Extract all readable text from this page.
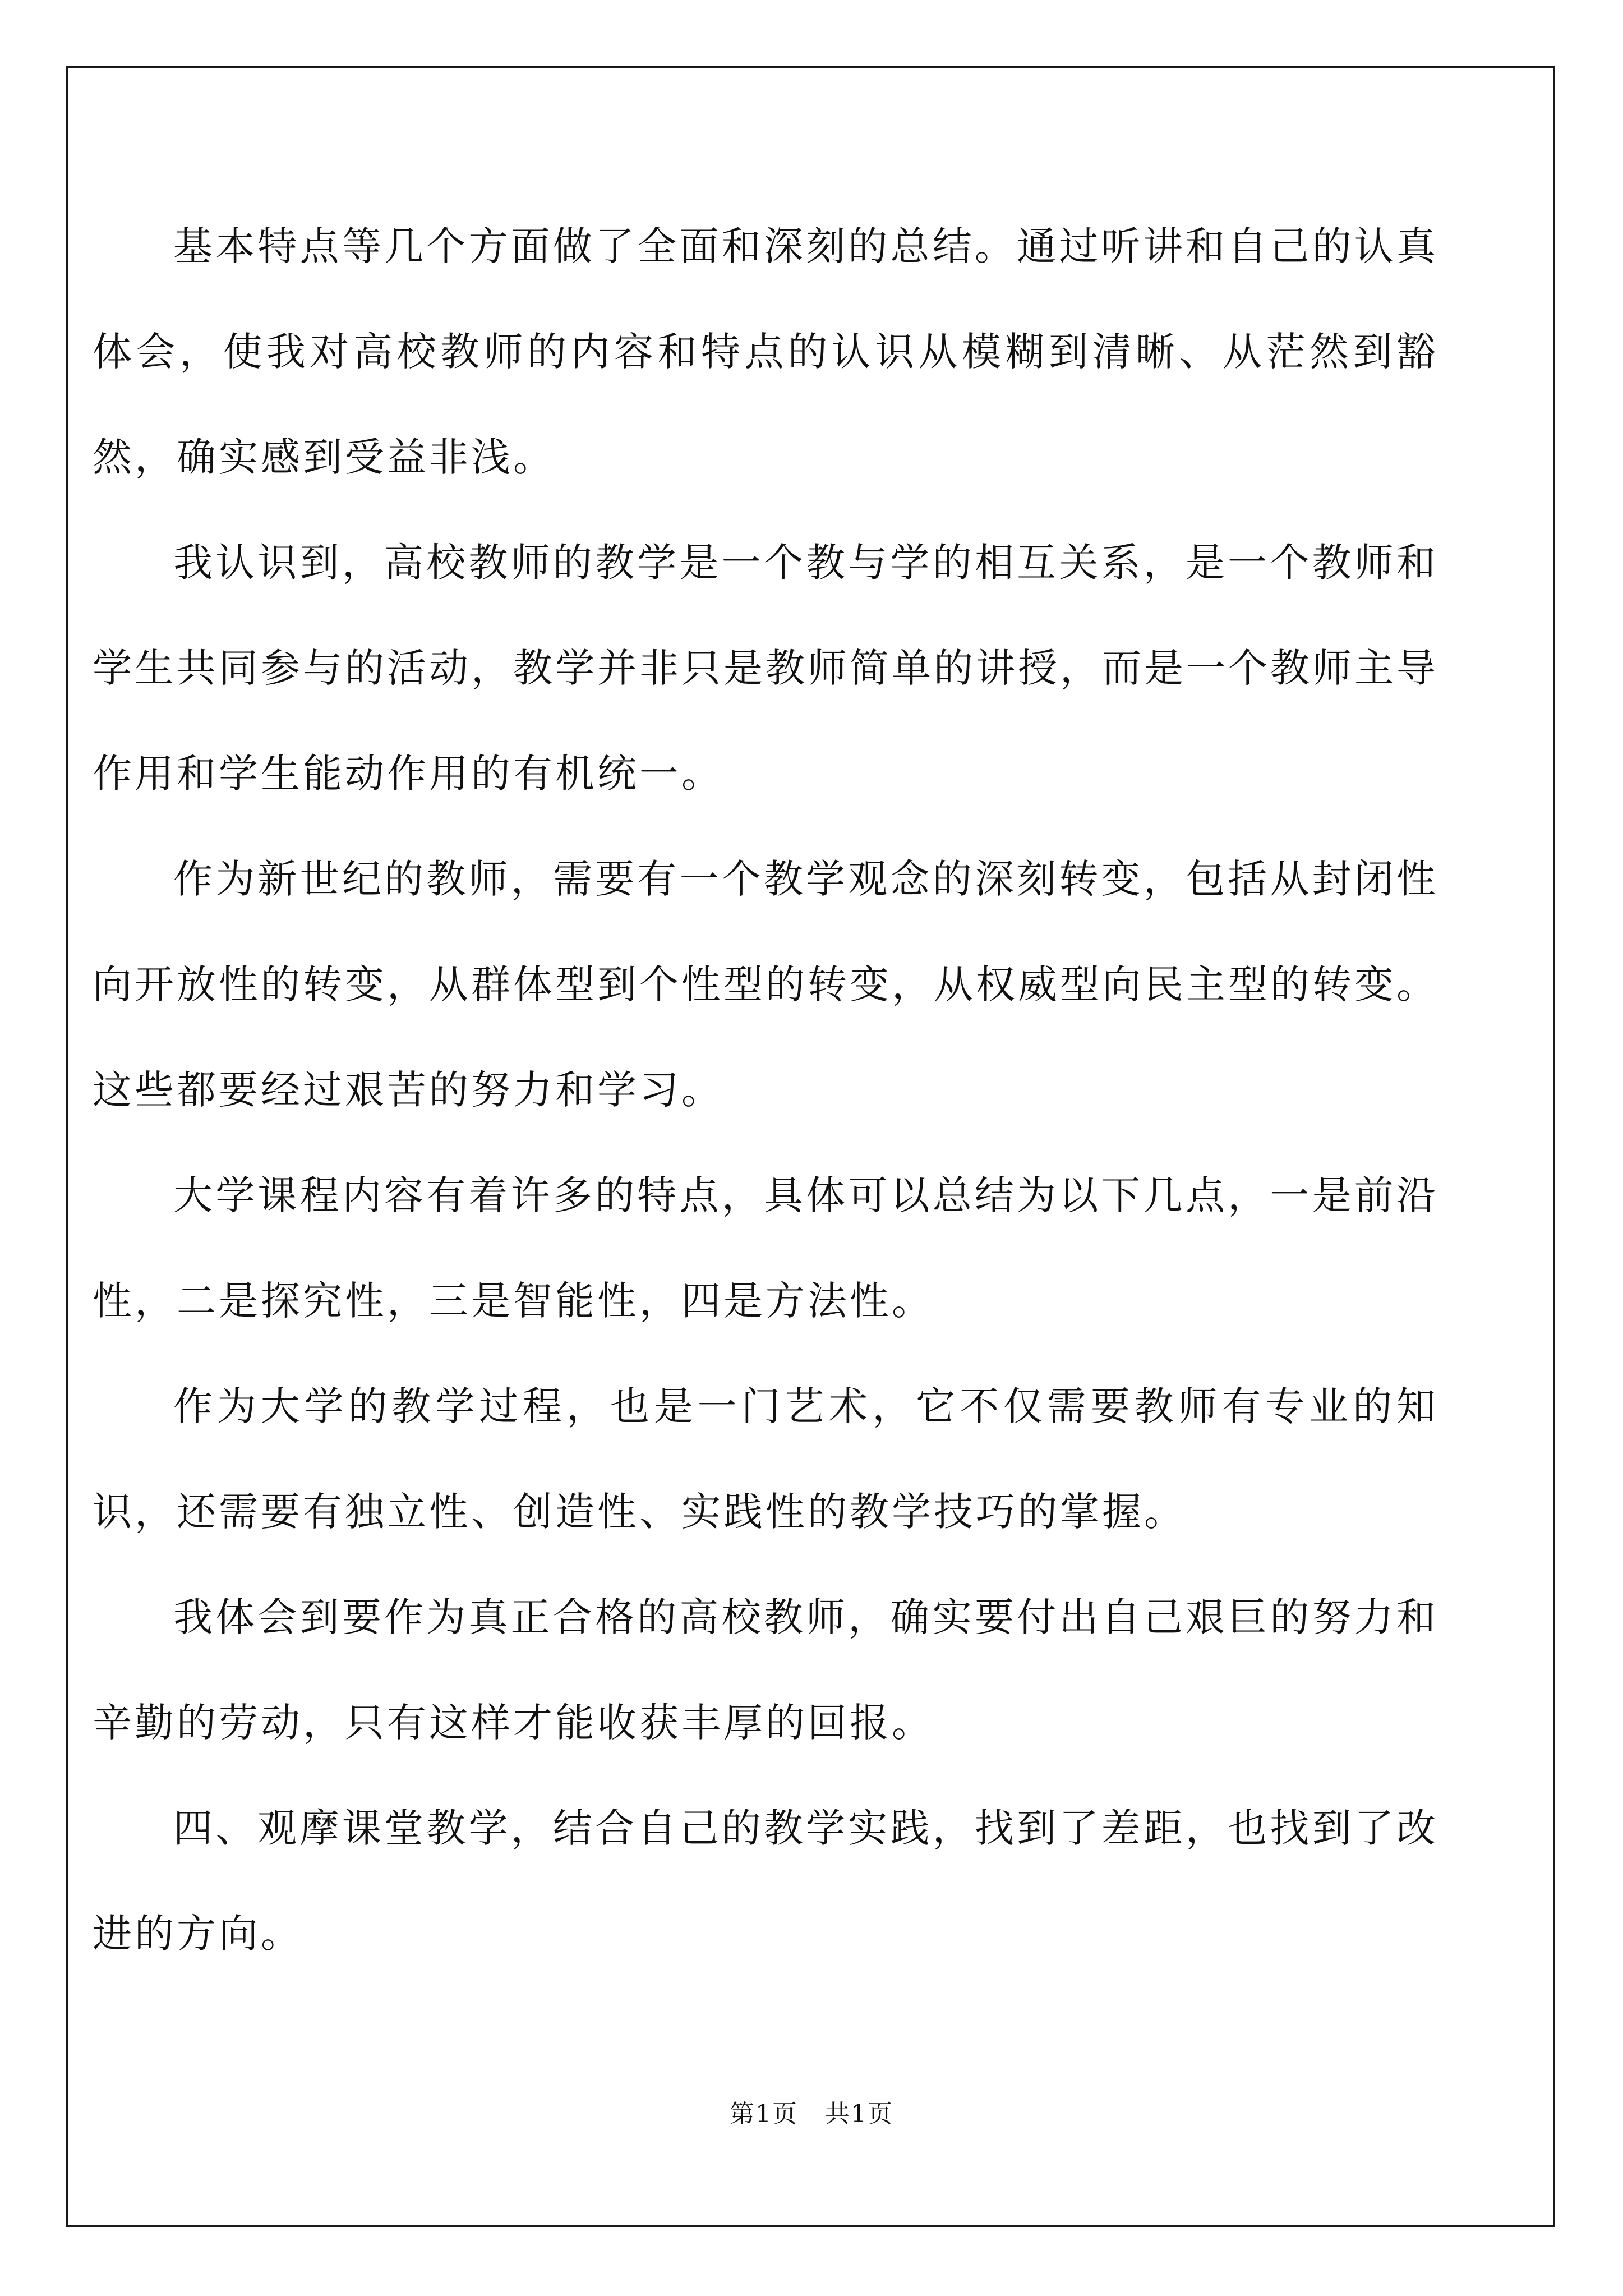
基本特点等几个方面做了全面和深刻的总结。通过听讲和自己的认真体会，使我对高校教师的内容和特点的认识从模糊到清晰、从茫然到豁然，确实感到受益非浅。

我认识到，高校教师的教学是一个教与学的相互关系，是一个教师和学生共同参与的活动，教学并非只是教师简单的讲授，而是一个教师主导作用和学生能动作用的有机统一。

作为新世纪的教师，需要有一个教学观念的深刻转变，包括从封闭性向开放性的转变，从群体型到个性型的转变，从权威型向民主型的转变。这些都要经过艰苦的努力和学习。

大学课程内容有着许多的特点，具体可以总结为以下几点，一是前沿性，二是探究性，三是智能性，四是方法性。

作为大学的教学过程，也是一门艺术，它不仅需要教师有专业的知识，还需要有独立性、创造性、实践性的教学技巧的掌握。

我体会到要作为真正合格的高校教师，确实要付出自己艰巨的努力和辛勤的劳动，只有这样才能收获丰厚的回报。

四、观摩课堂教学，结合自己的教学实践，找到了差距，也找到了改进的方向。

第1页 共1页
